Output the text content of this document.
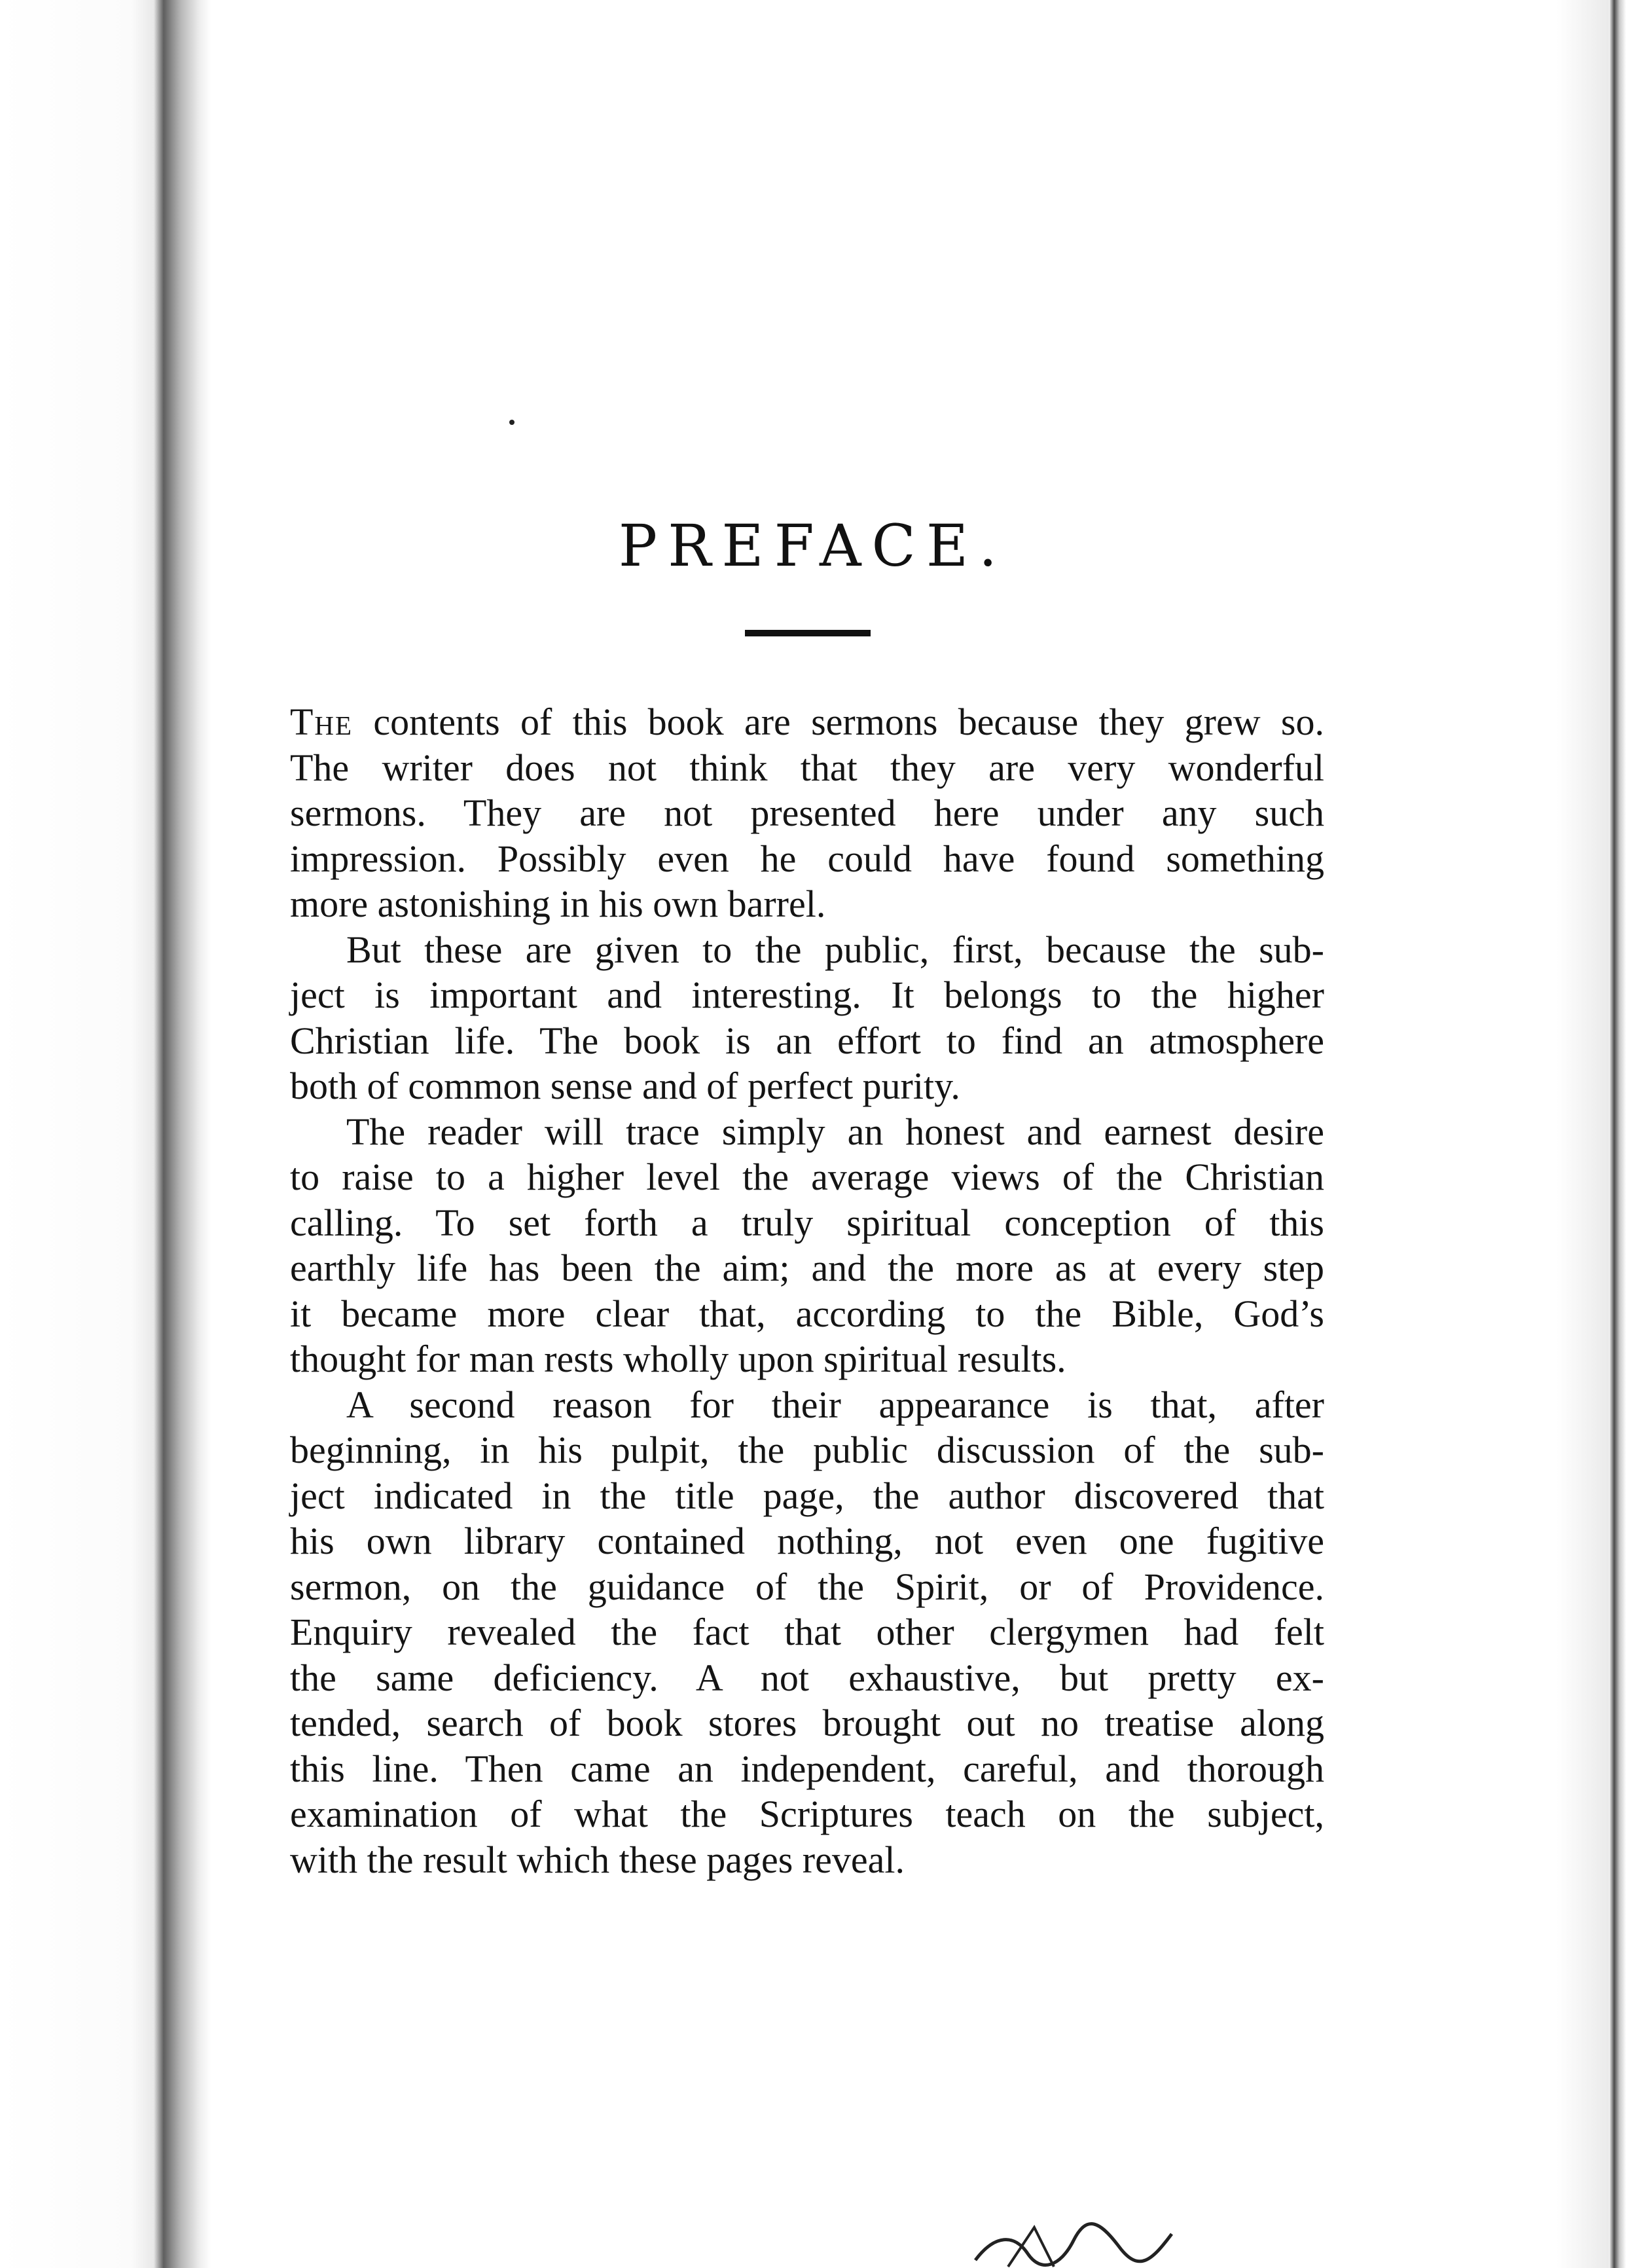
PREFACE.
The contents of this book are sermons because they grew so.
The writer does not think that they are very wonderful
sermons. They are not presented here under any such
impression. Possibly even he could have found something
more astonishing in his own barrel.
But these are given to the public, first, because the sub-
ject is important and interesting. It belongs to the higher
Christian life. The book is an effort to find an atmosphere
both of common sense and of perfect purity.
The reader will trace simply an honest and earnest desire
to raise to a higher level the average views of the Christian
calling. To set forth a truly spiritual conception of this
earthly life has been the aim; and the more as at every step
it became more clear that, according to the Bible, God’s
thought for man rests wholly upon spiritual results.
A second reason for their appearance is that, after
beginning, in his pulpit, the public discussion of the sub-
ject indicated in the title page, the author discovered that
his own library contained nothing, not even one fugitive
sermon, on the guidance of the Spirit, or of Providence.
Enquiry revealed the fact that other clergymen had felt
the same deficiency. A not exhaustive, but pretty ex-
tended, search of book stores brought out no treatise along
this line. Then came an independent, careful, and thorough
examination of what the Scriptures teach on the subject,
with the result which these pages reveal.
